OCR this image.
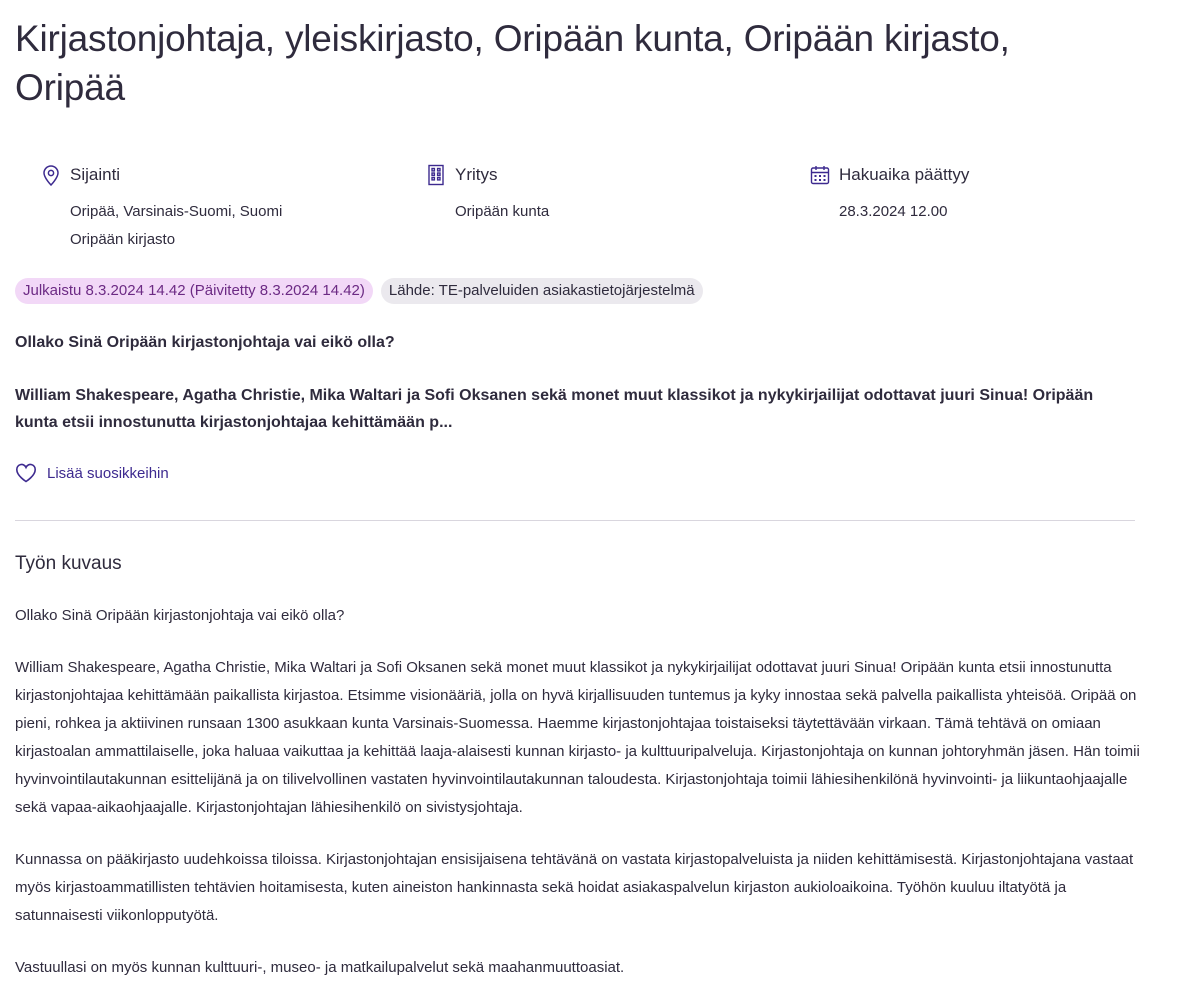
Kirjastonjohtaja, yleiskirjasto, Oripään kunta, Oripään kirjasto, Oripää
Sijainti
Oripää, Varsinais-Suomi, Suomi
Oripään kirjasto
Yritys
Oripään kunta
Hakuaika päättyy
28.3.2024 12.00
Julkaistu 8.3.2024 14.42 (Päivitetty 8.3.2024 14.42)	Lähde: TE-palveluiden asiakastietojärjestelmä
Ollako Sinä Oripään kirjastonjohtaja vai eikö olla?
William Shakespeare, Agatha Christie, Mika Waltari ja Sofi Oksanen sekä monet muut klassikot ja nykykirjailijat odottavat juuri Sinua! Oripään kunta etsii innostunutta kirjastonjohtajaa kehittämään p...
Lisää suosikkeihin
Työn kuvaus

Ollako Sinä Oripään kirjastonjohtaja vai eikö olla?

William Shakespeare, Agatha Christie, Mika Waltari ja Sofi Oksanen sekä monet muut klassikot ja nykykirjailijat odottavat juuri Sinua! Oripään kunta etsii innostunutta kirjastonjohtajaa kehittämään paikallista kirjastoa. Etsimme visionääriä, jolla on hyvä kirjallisuuden tuntemus ja kyky innostaa sekä palvella paikallista yhteisöä. Oripää on pieni, rohkea ja aktiivinen runsaan 1300 asukkaan kunta Varsinais-Suomessa. Haemme kirjastonjohtajaa toistaiseksi täytettävään virkaan. Tämä tehtävä on omiaan kirjastoalan ammattilaiselle, joka haluaa vaikuttaa ja kehittää laaja-alaisesti kunnan kirjasto- ja kulttuuripalveluja. Kirjastonjohtaja on kunnan johtoryhmän jäsen. Hän toimii hyvinvointilautakunnan esittelijänä ja on tilivelvollinen vastaten hyvinvointilautakunnan taloudesta. Kirjastonjohtaja toimii lähiesihenkilönä hyvinvointi- ja liikuntaohjaajalle sekä vapaa-aikaohjaajalle. Kirjastonjohtajan lähiesihenkilö on sivistysjohtaja.

Kunnassa on pääkirjasto uudehkoissa tiloissa. Kirjastonjohtajan ensisijaisena tehtävänä on vastata kirjastopalveluista ja niiden kehittämisestä. Kirjastonjohtajana vastaat myös kirjastoammatillisten tehtävien hoitamisesta, kuten aineiston hankinnasta sekä hoidat asiakaspalvelun kirjaston aukioloaikoina. Työhön kuuluu iltatyötä ja satunnaisesti viikonlopputyötä.

Vastuullasi on myös kunnan kulttuuri-, museo- ja matkailupalvelut sekä maahanmuuttoasiat.
